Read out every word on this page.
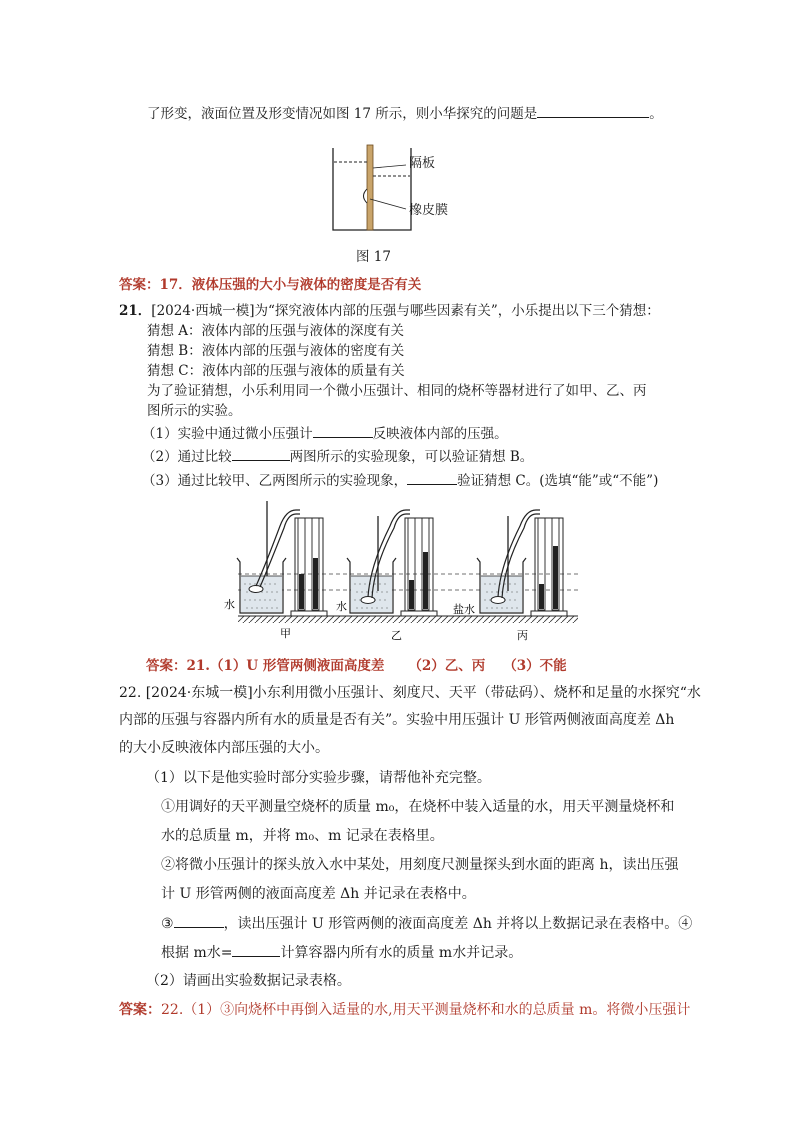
了形变，液面位置及形变情况如图 17 所示，则小华探究的问题是	。
隔板
橡皮膜
图 17
答案：17．液体压强的大小与液体的密度是否有关
21．[2024·西城一模]为“探究液体内部的压强与哪些因素有关”，小乐提出以下三个猜想：
猜想 A：液体内部的压强与液体的深度有关
猜想 B：液体内部的压强与液体的密度有关
猜想 C：液体内部的压强与液体的质量有关
为了验证猜想，小乐利用同一个微小压强计、相同的烧杯等器材进行了如甲、乙、丙
图所示的实验。
（1）实验中通过微小压强计	反映液体内部的压强。
（2）通过比较	两图所示的实验现象，可以验证猜想 B。
（3）通过比较甲、乙两图所示的实验现象，	验证猜想 C。(选填“能”或“不能”)
水	水	盐水
甲	乙	丙
答案：21.（1）U 形管两侧液面高度差 （2）乙、丙 （3）不能
22. [2024·东城一模]小东利用微小压强计、刻度尺、天平（带砝码）、烧杯和足量的水探究“水
内部的压强与容器内所有水的质量是否有关”。实验中用压强计 U 形管两侧液面高度差 Δh
的大小反映液体内部压强的大小。
（1）以下是他实验时部分实验步骤，请帮他补充完整。
①用调好的天平测量空烧杯的质量 m₀，在烧杯中装入适量的水，用天平测量烧杯和
水的总质量 m，并将 m₀、m 记录在表格里。
②将微小压强计的探头放入水中某处，用刻度尺测量探头到水面的距离 h，读出压强
计 U 形管两侧的液面高度差 Δh 并记录在表格中。
③	，读出压强计 U 形管两侧的液面高度差 Δh 并将以上数据记录在表格中。④
根据 m水=	计算容器内所有水的质量 m水并记录。
（2）请画出实验数据记录表格。
答案：22.（1）③向烧杯中再倒入适量的水,用天平测量烧杯和水的总质量 m。将微小压强计
